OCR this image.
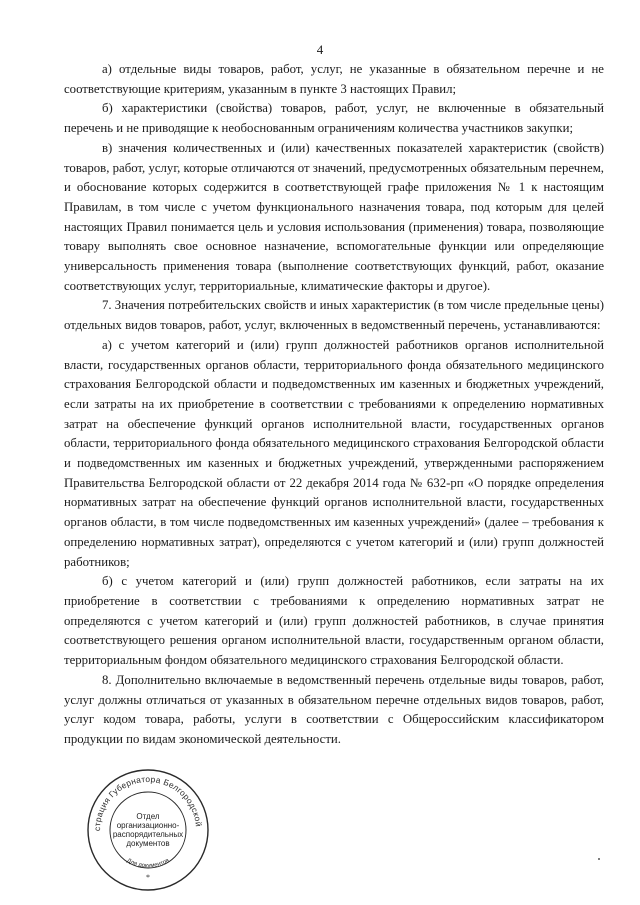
4

а) отдельные виды товаров, работ, услуг, не указанные в обязательном перечне и не соответствующие критериям, указанным в пункте 3 настоящих Правил;

б) характеристики (свойства) товаров, работ, услуг, не включенные в обязательный перечень и не приводящие к необоснованным ограничениям количества участников закупки;

в) значения количественных и (или) качественных показателей характеристик (свойств) товаров, работ, услуг, которые отличаются от значений, предусмотренных обязательным перечнем, и обоснование которых содержится в соответствующей графе приложения № 1 к настоящим Правилам, в том числе с учетом функционального назначения товара, под которым для целей настоящих Правил понимается цель и условия использования (применения) товара, позволяющие товару выполнять свое основное назначение, вспомогательные функции или определяющие универсальность применения товара (выполнение соответствующих функций, работ, оказание соответствующих услуг, территориальные, климатические факторы и другое).

7. Значения потребительских свойств и иных характеристик (в том числе предельные цены) отдельных видов товаров, работ, услуг, включенных в ведомственный перечень, устанавливаются:

а) с учетом категорий и (или) групп должностей работников органов исполнительной власти, государственных органов области, территориального фонда обязательного медицинского страхования Белгородской области и подведомственных им казенных и бюджетных учреждений, если затраты на их приобретение в соответствии с требованиями к определению нормативных затрат на обеспечение функций органов исполнительной власти, государственных органов области, территориального фонда обязательного медицинского страхования Белгородской области и подведомственных им казенных и бюджетных учреждений, утвержденными распоряжением Правительства Белгородской области от 22 декабря 2014 года № 632-рп «О порядке определения нормативных затрат на обеспечение функций органов исполнительной власти, государственных органов области, в том числе подведомственных им казенных учреждений» (далее – требования к определению нормативных затрат), определяются с учетом категорий и (или) групп должностей работников;

б) с учетом категорий и (или) групп должностей работников, если затраты на их приобретение в соответствии с требованиями к определению нормативных затрат не определяются с учетом категорий и (или) групп должностей работников, в случае принятия соответствующего решения органом исполнительной власти, государственным органом области, территориальным фондом обязательного медицинского страхования Белгородской области.

8. Дополнительно включаемые в ведомственный перечень отдельные виды товаров, работ, услуг должны отличаться от указанных в обязательном перечне отдельных видов товаров, работ, услуг кодом товара, работы, услуги в соответствии с Общероссийским классификатором продукции по видам экономической деятельности.

страция Губернатора Белгородской
Для документов
*
Отдел
организационно-
распорядительных
документов
